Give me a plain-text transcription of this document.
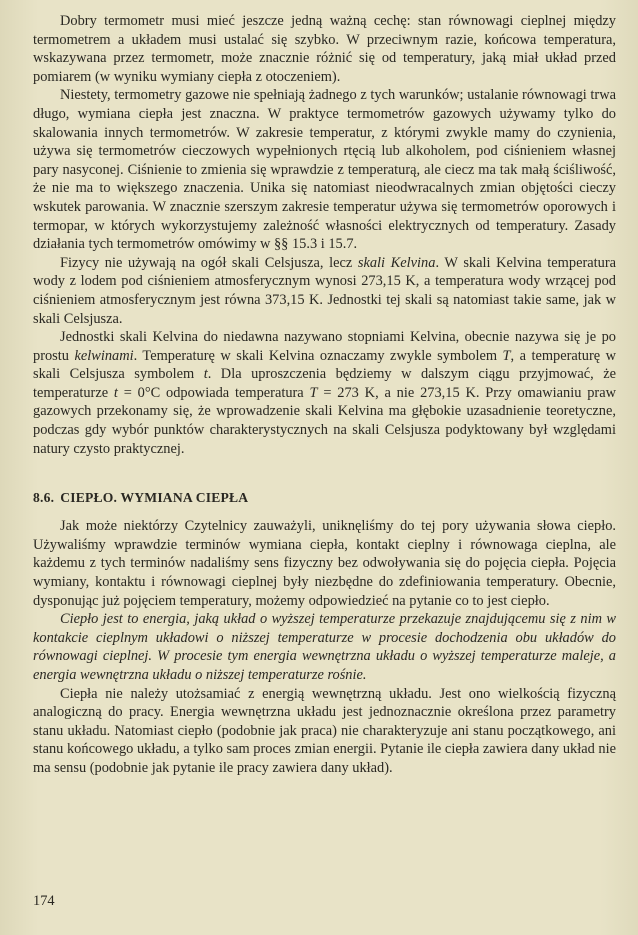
Dobry termometr musi mieć jeszcze jedną ważną cechę: stan równowagi cieplnej między termometrem a układem musi ustalać się szybko. W przeciwnym razie, końcowa temperatura, wskazywana przez termometr, może znacznie różnić się od temperatury, jaką miał układ przed pomiarem (w wyniku wymiany ciepła z otoczeniem).

Niestety, termometry gazowe nie spełniają żadnego z tych warunków; ustalanie równowagi trwa długo, wymiana ciepła jest znaczna. W praktyce termometrów gazowych używamy tylko do skalowania innych termometrów. W zakresie temperatur, z którymi zwykle mamy do czynienia, używa się termometrów cieczowych wypełnionych rtęcią lub alkoholem, pod ciśnieniem własnej pary nasyconej. Ciśnienie to zmienia się wprawdzie z temperaturą, ale ciecz ma tak małą ściśliwość, że nie ma to większego znaczenia. Unika się natomiast nieodwracalnych zmian objętości cieczy wskutek parowania. W znacznie szerszym zakresie temperatur używa się termometrów oporowych i termopar, w których wykorzystujemy zależność własności elektrycznych od temperatury. Zasady działania tych termometrów omówimy w §§ 15.3 i 15.7.

Fizycy nie używają na ogół skali Celsjusza, lecz skali Kelvina. W skali Kelvina temperatura wody z lodem pod ciśnieniem atmosferycznym wynosi 273,15 K, a temperatura wody wrzącej pod ciśnieniem atmosferycznym jest równa 373,15 K. Jednostki tej skali są natomiast takie same, jak w skali Celsjusza.

Jednostki skali Kelvina do niedawna nazywano stopniami Kelvina, obecnie nazywa się je po prostu kelwinami. Temperaturę w skali Kelvina oznaczamy zwykle symbolem T, a temperaturę w skali Celsjusza symbolem t. Dla uproszczenia będziemy w dalszym ciągu przyjmować, że temperaturze t = 0°C odpowiada temperatura T = 273 K, a nie 273,15 K. Przy omawianiu praw gazowych przekonamy się, że wprowadzenie skali Kelvina ma głębokie uzasadnienie teoretyczne, podczas gdy wybór punktów charakterystycznych na skali Celsjusza podyktowany był względami natury czysto praktycznej.

8.6. CIEPŁO. WYMIANA CIEPŁA

Jak może niektórzy Czytelnicy zauważyli, uniknęliśmy do tej pory używania słowa ciepło. Używaliśmy wprawdzie terminów wymiana ciepła, kontakt cieplny i równowaga cieplna, ale każdemu z tych terminów nadaliśmy sens fizyczny bez odwoływania się do pojęcia ciepła. Pojęcia wymiany, kontaktu i równowagi cieplnej były niezbędne do zdefiniowania temperatury. Obecnie, dysponując już pojęciem temperatury, możemy odpowiedzieć na pytanie co to jest ciepło.

Ciepło jest to energia, jaką układ o wyższej temperaturze przekazuje znajdującemu się z nim w kontakcie cieplnym układowi o niższej temperaturze w procesie dochodzenia obu układów do równowagi cieplnej. W procesie tym energia wewnętrzna układu o wyższej temperaturze maleje, a energia wewnętrzna układu o niższej temperaturze rośnie.

Ciepła nie należy utożsamiać z energią wewnętrzną układu. Jest ono wielkością fizyczną analogiczną do pracy. Energia wewnętrzna układu jest jednoznacznie określona przez parametry stanu układu. Natomiast ciepło (podobnie jak praca) nie charakteryzuje ani stanu początkowego, ani stanu końcowego układu, a tylko sam proces zmian energii. Pytanie ile ciepła zawiera dany układ nie ma sensu (podobnie jak pytanie ile pracy zawiera dany układ).

174
